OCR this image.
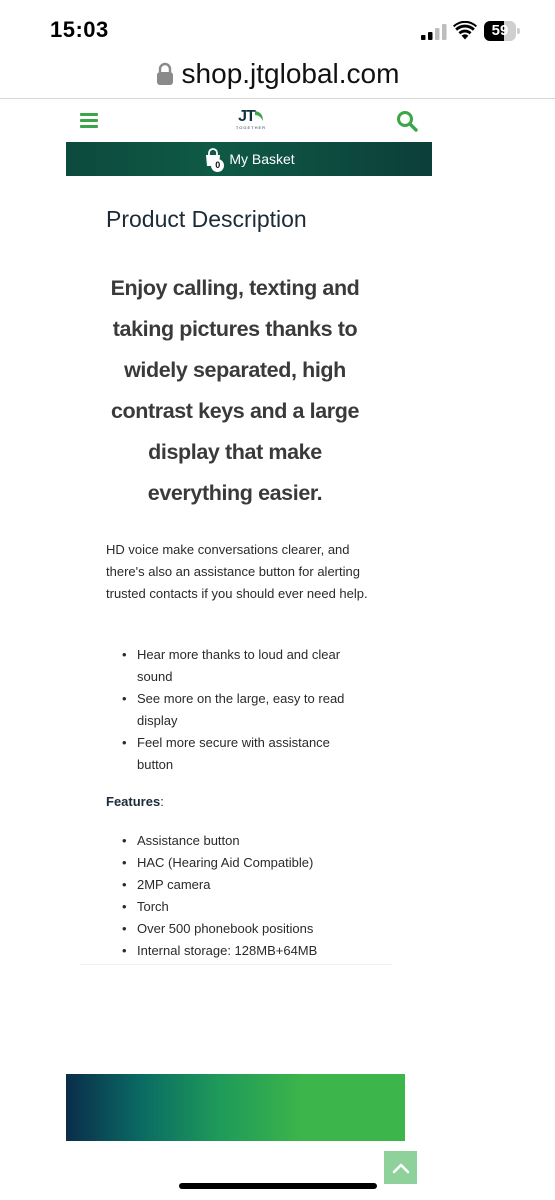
15:03	59
shop.jtglobal.com
JT
TOGETHER
0 My Basket
Product Description

Enjoy calling, texting and taking pictures thanks to widely separated, high contrast keys and a large display that make everything easier.

HD voice make conversations clearer, and there's also an assistance button for alerting trusted contacts if you should ever need help.

• Hear more thanks to loud and clear sound
• See more on the large, easy to read display
• Feel more secure with assistance button
Features:
• Assistance button
• HAC (Hearing Aid Compatible)
• 2MP camera
• Torch
• Over 500 phonebook positions
• Internal storage: 128MB+64MB
